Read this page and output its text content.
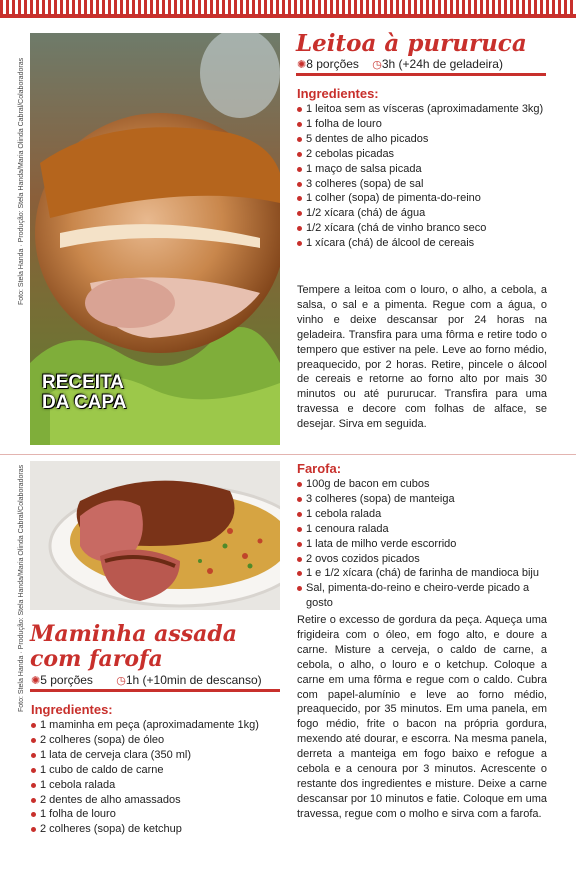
Foto: Stela Handa · Produção: Stela Handa/Maria Olinda Cabral/Colaboradoras
Foto: Stela Handa · Produção: Stela Handa/Maria Olinda Cabral/Colaboradoras
RECEITA
DA CAPA
Leitoa à pururuca
✺8 porções ◷3h (+24h de geladeira)
Ingredientes:
1 leitoa sem as vísceras (aproximadamente 3kg)
1 folha de louro
5 dentes de alho picados
2 cebolas picadas
1 maço de salsa picada
3 colheres (sopa) de sal
1 colher (sopa) de pimenta-do-reino
1/2 xícara (chá) de água
1/2 xícara (chá de vinho branco seco
1 xícara (chá) de álcool de cereais

Tempere a leitoa com o louro, o alho, a cebola, a salsa, o sal e a pimenta. Regue com a água, o vinho e deixe descansar por 24 horas na geladeira. Transfira para uma fôrma e retire todo o tempero que estiver na pele. Leve ao forno médio, preaquecido, por 2 horas. Retire, pincele o álcool de cereais e retorne ao forno alto por mais 30 minutos ou até pururucar. Transfira para uma travessa e decore com folhas de alface, se desejar. Sirva em seguida.

Maminha assada
com farofa
✺5 porções ◷1h (+10min de descanso)
Ingredientes:
1 maminha em peça (aproximadamente 1kg)
2 colheres (sopa) de óleo
1 lata de cerveja clara (350 ml)
1 cubo de caldo de carne
1 cebola ralada
2 dentes de alho amassados
1 folha de louro
2 colheres (sopa) de ketchup
Farofa:
100g de bacon em cubos
3 colheres (sopa) de manteiga
1 cebola ralada
1 cenoura ralada
1 lata de milho verde escorrido
2 ovos cozidos picados
1 e 1/2 xícara (chá) de farinha de mandioca biju
Sal, pimenta-do-reino e cheiro-verde picado a gosto

Retire o excesso de gordura da peça. Aqueça uma frigideira com o óleo, em fogo alto, e doure a carne. Misture a cerveja, o caldo de carne, a cebola, o alho, o louro e o ketchup. Coloque a carne em uma fôrma e regue com o caldo. Cubra com papel-alumínio e leve ao forno médio, preaquecido, por 35 minutos. Em uma panela, em fogo médio, frite o bacon na própria gordura, mexendo até dourar, e escorra. Na mesma panela, derreta a manteiga em fogo baixo e refogue a cebola e a cenoura por 3 minutos. Acrescente o restante dos ingredientes e misture. Deixe a carne descansar por 10 minutos e fatie. Coloque em uma travessa, regue com o molho e sirva com a farofa.
